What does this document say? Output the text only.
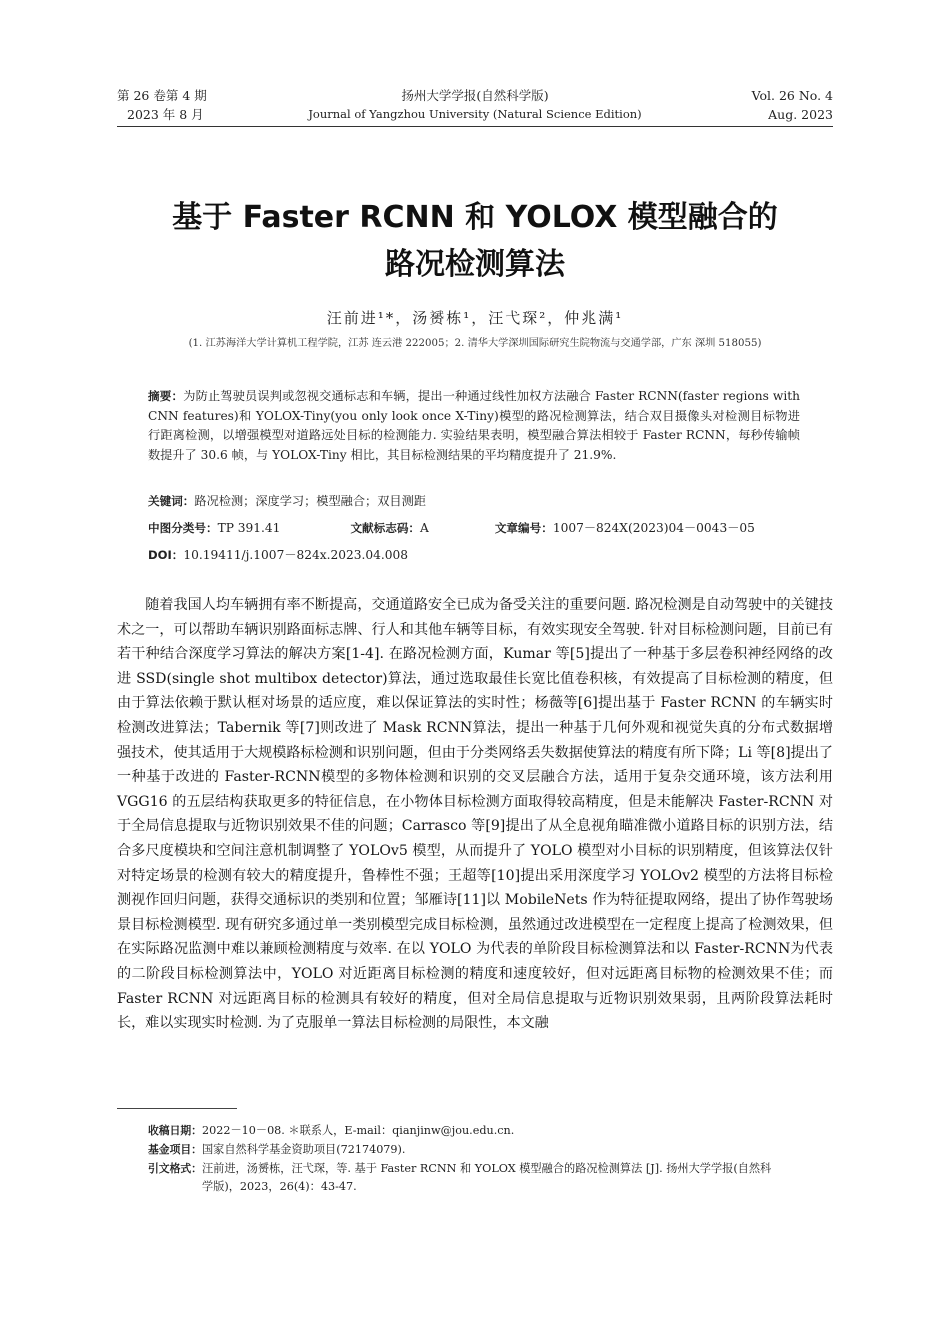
第 26 卷第 4 期
2023 年 8 月
扬州大学学报(自然科学版)
Journal of Yangzhou University (Natural Science Edition)
Vol. 26 No. 4
Aug. 2023
基于 Faster RCNN 和 YOLOX 模型融合的
路况检测算法
汪前进¹*，汤赟栋¹，汪弋琛²，仲兆满¹
(1. 江苏海洋大学计算机工程学院，江苏 连云港 222005；2. 清华大学深圳国际研究生院物流与交通学部，广东 深圳 518055)
摘要：为防止驾驶员误判或忽视交通标志和车辆，提出一种通过线性加权方法融合 Faster RCNN(faster regions with CNN features)和 YOLOX-Tiny(you only look once X-Tiny)模型的路况检测算法，结合双目摄像头对检测目标物进行距离检测，以增强模型对道路远处目标的检测能力. 实验结果表明，模型融合算法相较于 Faster RCNN，每秒传输帧数提升了 30.6 帧，与 YOLOX-Tiny 相比，其目标检测结果的平均精度提升了 21.9%.
关键词：路况检测；深度学习；模型融合；双目测距
中图分类号：TP 391.41	文献标志码：A	文章编号：1007－824X(2023)04－0043－05
DOI：10.19411/j.1007－824x.2023.04.008

随着我国人均车辆拥有率不断提高，交通道路安全已成为备受关注的重要问题. 路况检测是自动驾驶中的关键技术之一，可以帮助车辆识别路面标志牌、行人和其他车辆等目标，有效实现安全驾驶. 针对目标检测问题，目前已有若干种结合深度学习算法的解决方案[1-4]. 在路况检测方面，Kumar 等[5]提出了一种基于多层卷积神经网络的改进 SSD(single shot multibox detector)算法，通过选取最佳长宽比值卷积核，有效提高了目标检测的精度，但由于算法依赖于默认框对场景的适应度，难以保证算法的实时性；杨薇等[6]提出基于 Faster RCNN 的车辆实时检测改进算法；Tabernik 等[7]则改进了 Mask RCNN算法，提出一种基于几何外观和视觉失真的分布式数据增强技术，使其适用于大规模路标检测和识别问题，但由于分类网络丢失数据使算法的精度有所下降；Li 等[8]提出了一种基于改进的 Faster-RCNN模型的多物体检测和识别的交叉层融合方法，适用于复杂交通环境，该方法利用 VGG16 的五层结构获取更多的特征信息，在小物体目标检测方面取得较高精度，但是未能解决 Faster-RCNN 对于全局信息提取与近物识别效果不佳的问题；Carrasco 等[9]提出了从全息视角瞄准微小道路目标的识别方法，结合多尺度模块和空间注意机制调整了 YOLOv5 模型，从而提升了 YOLO 模型对小目标的识别精度，但该算法仅针对特定场景的检测有较大的精度提升，鲁棒性不强；王超等[10]提出采用深度学习 YOLOv2 模型的方法将目标检测视作回归问题，获得交通标识的类别和位置；邹雁诗[11]以 MobileNets 作为特征提取网络，提出了协作驾驶场景目标检测模型. 现有研究多通过单一类别模型完成目标检测，虽然通过改进模型在一定程度上提高了检测效果，但在实际路况监测中难以兼顾检测精度与效率. 在以 YOLO 为代表的单阶段目标检测算法和以 Faster-RCNN为代表的二阶段目标检测算法中，YOLO 对近距离目标检测的精度和速度较好，但对远距离目标物的检测效果不佳；而 Faster RCNN 对远距离目标的检测具有较好的精度，但对全局信息提取与近物识别效果弱，且两阶段算法耗时长，难以实现实时检测. 为了克服单一算法目标检测的局限性，本文融

收稿日期：2022－10－08. ＊联系人，E-mail：qianjinw@jou.edu.cn.
基金项目：国家自然科学基金资助项目(72174079).
引文格式：汪前进，汤赟栋，汪弋琛，等. 基于 Faster RCNN 和 YOLOX 模型融合的路况检测算法 [J]. 扬州大学学报(自然科
学版)，2023，26(4)：43-47.
